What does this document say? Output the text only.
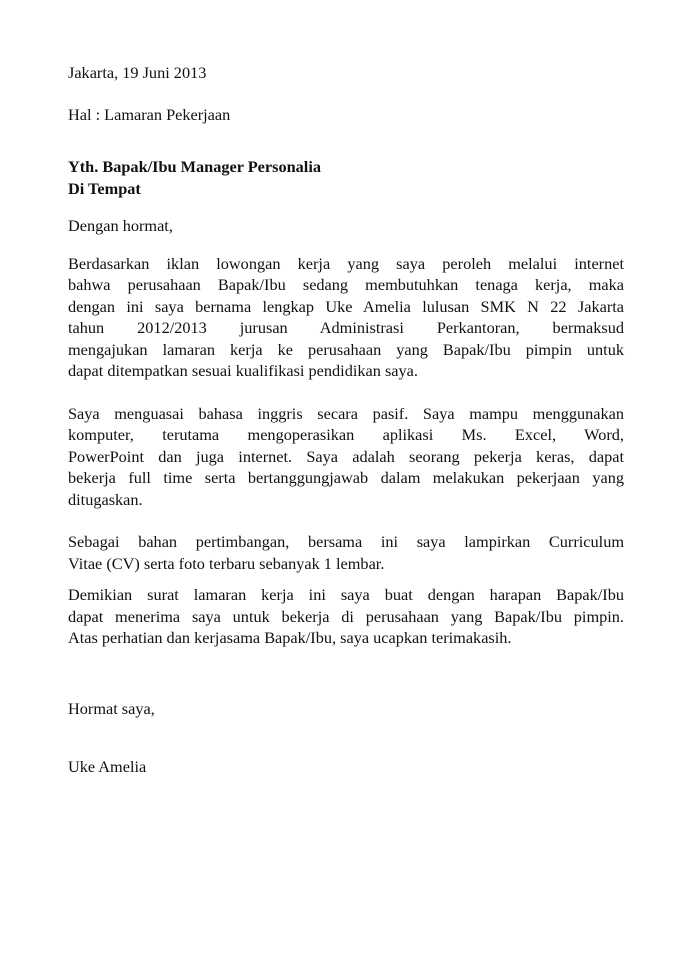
Jakarta, 19 Juni 2013
Hal : Lamaran Pekerjaan
Yth. Bapak/Ibu Manager Personalia
Di Tempat
Dengan hormat,
Berdasarkan iklan lowongan kerja yang saya peroleh melalui internet
bahwa perusahaan Bapak/Ibu sedang membutuhkan tenaga kerja, maka
dengan ini saya bernama lengkap Uke Amelia lulusan SMK N 22 Jakarta
tahun 2012/2013 jurusan Administrasi Perkantoran, bermaksud
mengajukan lamaran kerja ke perusahaan yang Bapak/Ibu pimpin untuk
dapat ditempatkan sesuai kualifikasi pendidikan saya.
Saya menguasai bahasa inggris secara pasif. Saya mampu menggunakan
komputer, terutama mengoperasikan aplikasi Ms. Excel, Word,
PowerPoint dan juga internet. Saya adalah seorang pekerja keras, dapat
bekerja full time serta bertanggungjawab dalam melakukan pekerjaan yang
ditugaskan.
Sebagai bahan pertimbangan, bersama ini saya lampirkan Curriculum
Vitae (CV) serta foto terbaru sebanyak 1 lembar.
Demikian surat lamaran kerja ini saya buat dengan harapan Bapak/Ibu
dapat menerima saya untuk bekerja di perusahaan yang Bapak/Ibu pimpin.
Atas perhatian dan kerjasama Bapak/Ibu, saya ucapkan terimakasih.
Hormat saya,
Uke Amelia
